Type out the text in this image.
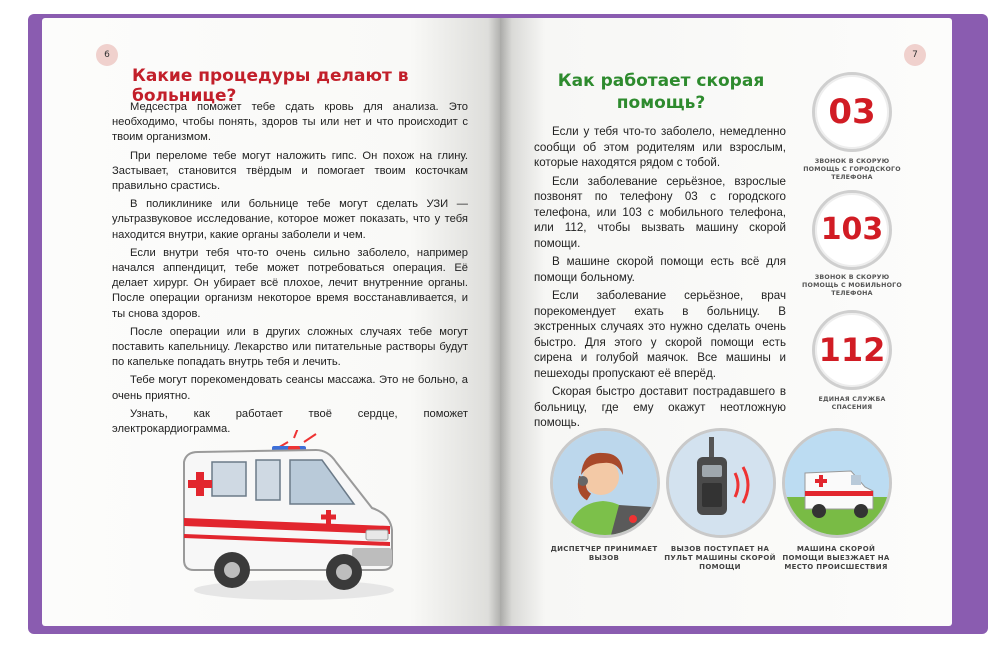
6
Какие процедуры делают в больнице?

Медсестра поможет тебе сдать кровь для анализа. Это необходимо, чтобы понять, здоров ты или нет и что происходит с твоим организмом.

При переломе тебе могут наложить гипс. Он похож на глину. Застывает, становится твёрдым и помогает твоим косточкам правильно срастись.

В поликлинике или больнице тебе могут сделать УЗИ — ультразвуковое исследование, которое может показать, что у тебя находится внутри, какие органы заболели и чем.

Если внутри тебя что-то очень сильно заболело, например начался аппендицит, тебе может потребоваться операция. Её делает хирург. Он убирает всё плохое, лечит внутренние органы. После операции организм некоторое время восстанавливается, и ты снова здоров.

После операции или в других сложных случаях тебе могут поставить капельницу. Лекарство или питательные растворы будут по капельке попадать внутрь тебя и лечить.

Тебе могут порекомендовать сеансы массажа. Это не больно, а очень приятно.

Узнать, как работает твоё сердце, поможет электрокардиограмма.

7
Как работает скорая
помощь?

Если у тебя что-то заболело, немедленно сообщи об этом родителям или взрослым, которые находятся рядом с тобой.

Если заболевание серьёзное, взрослые позвонят по телефону 03 с городского телефона, или 103 с мобильного телефона, или 112, чтобы вызвать машину скорой помощи.

В машине скорой помощи есть всё для помощи больному.

Если заболевание серьёзное, врач порекомендует ехать в больницу. В экстренных случаях это нужно сделать очень быстро. Для этого у скорой помощи есть сирена и голубой маячок. Все машины и пешеходы пропускают её вперёд.

Скорая быстро доставит пострадавшего в больницу, где ему окажут неотложную помощь.

03
ЗВОНОК В СКОРУЮ ПОМОЩЬ С ГОРОДСКОГО ТЕЛЕФОНА
103
ЗВОНОК В СКОРУЮ ПОМОЩЬ С МОБИЛЬНОГО ТЕЛЕФОНА
112
ЕДИНАЯ СЛУЖБА СПАСЕНИЯ
ДИСПЕТЧЕР ПРИНИМАЕТ ВЫЗОВ
ВЫЗОВ ПОСТУПАЕТ НА ПУЛЬТ МАШИНЫ СКОРОЙ ПОМОЩИ
МАШИНА СКОРОЙ ПОМОЩИ ВЫЕЗЖАЕТ НА МЕСТО ПРОИСШЕСТВИЯ
